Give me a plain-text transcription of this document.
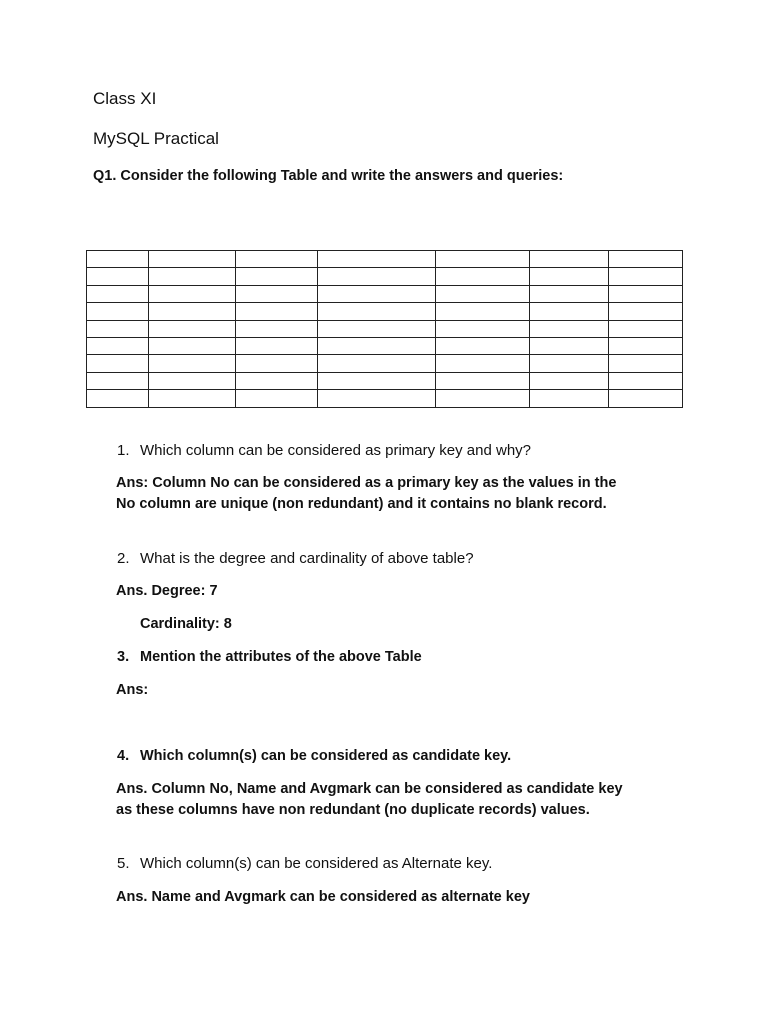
Class XI
MySQL Practical
Q1. Consider the following Table and write the answers and queries:

1. Which column can be considered as primary key and why?
Ans: Column No can be considered as a primary key as the values in the
No column are unique (non redundant) and it contains no blank record.
2. What is the degree and cardinality of above table?
Ans. Degree: 7
Cardinality: 8
3. Mention the attributes of the above Table
Ans:
4. Which column(s) can be considered as candidate key.
Ans. Column No, Name and Avgmark can be considered as candidate key
as these columns have non redundant (no duplicate records) values.
5. Which column(s) can be considered as Alternate key.
Ans. Name and Avgmark can be considered as alternate key
